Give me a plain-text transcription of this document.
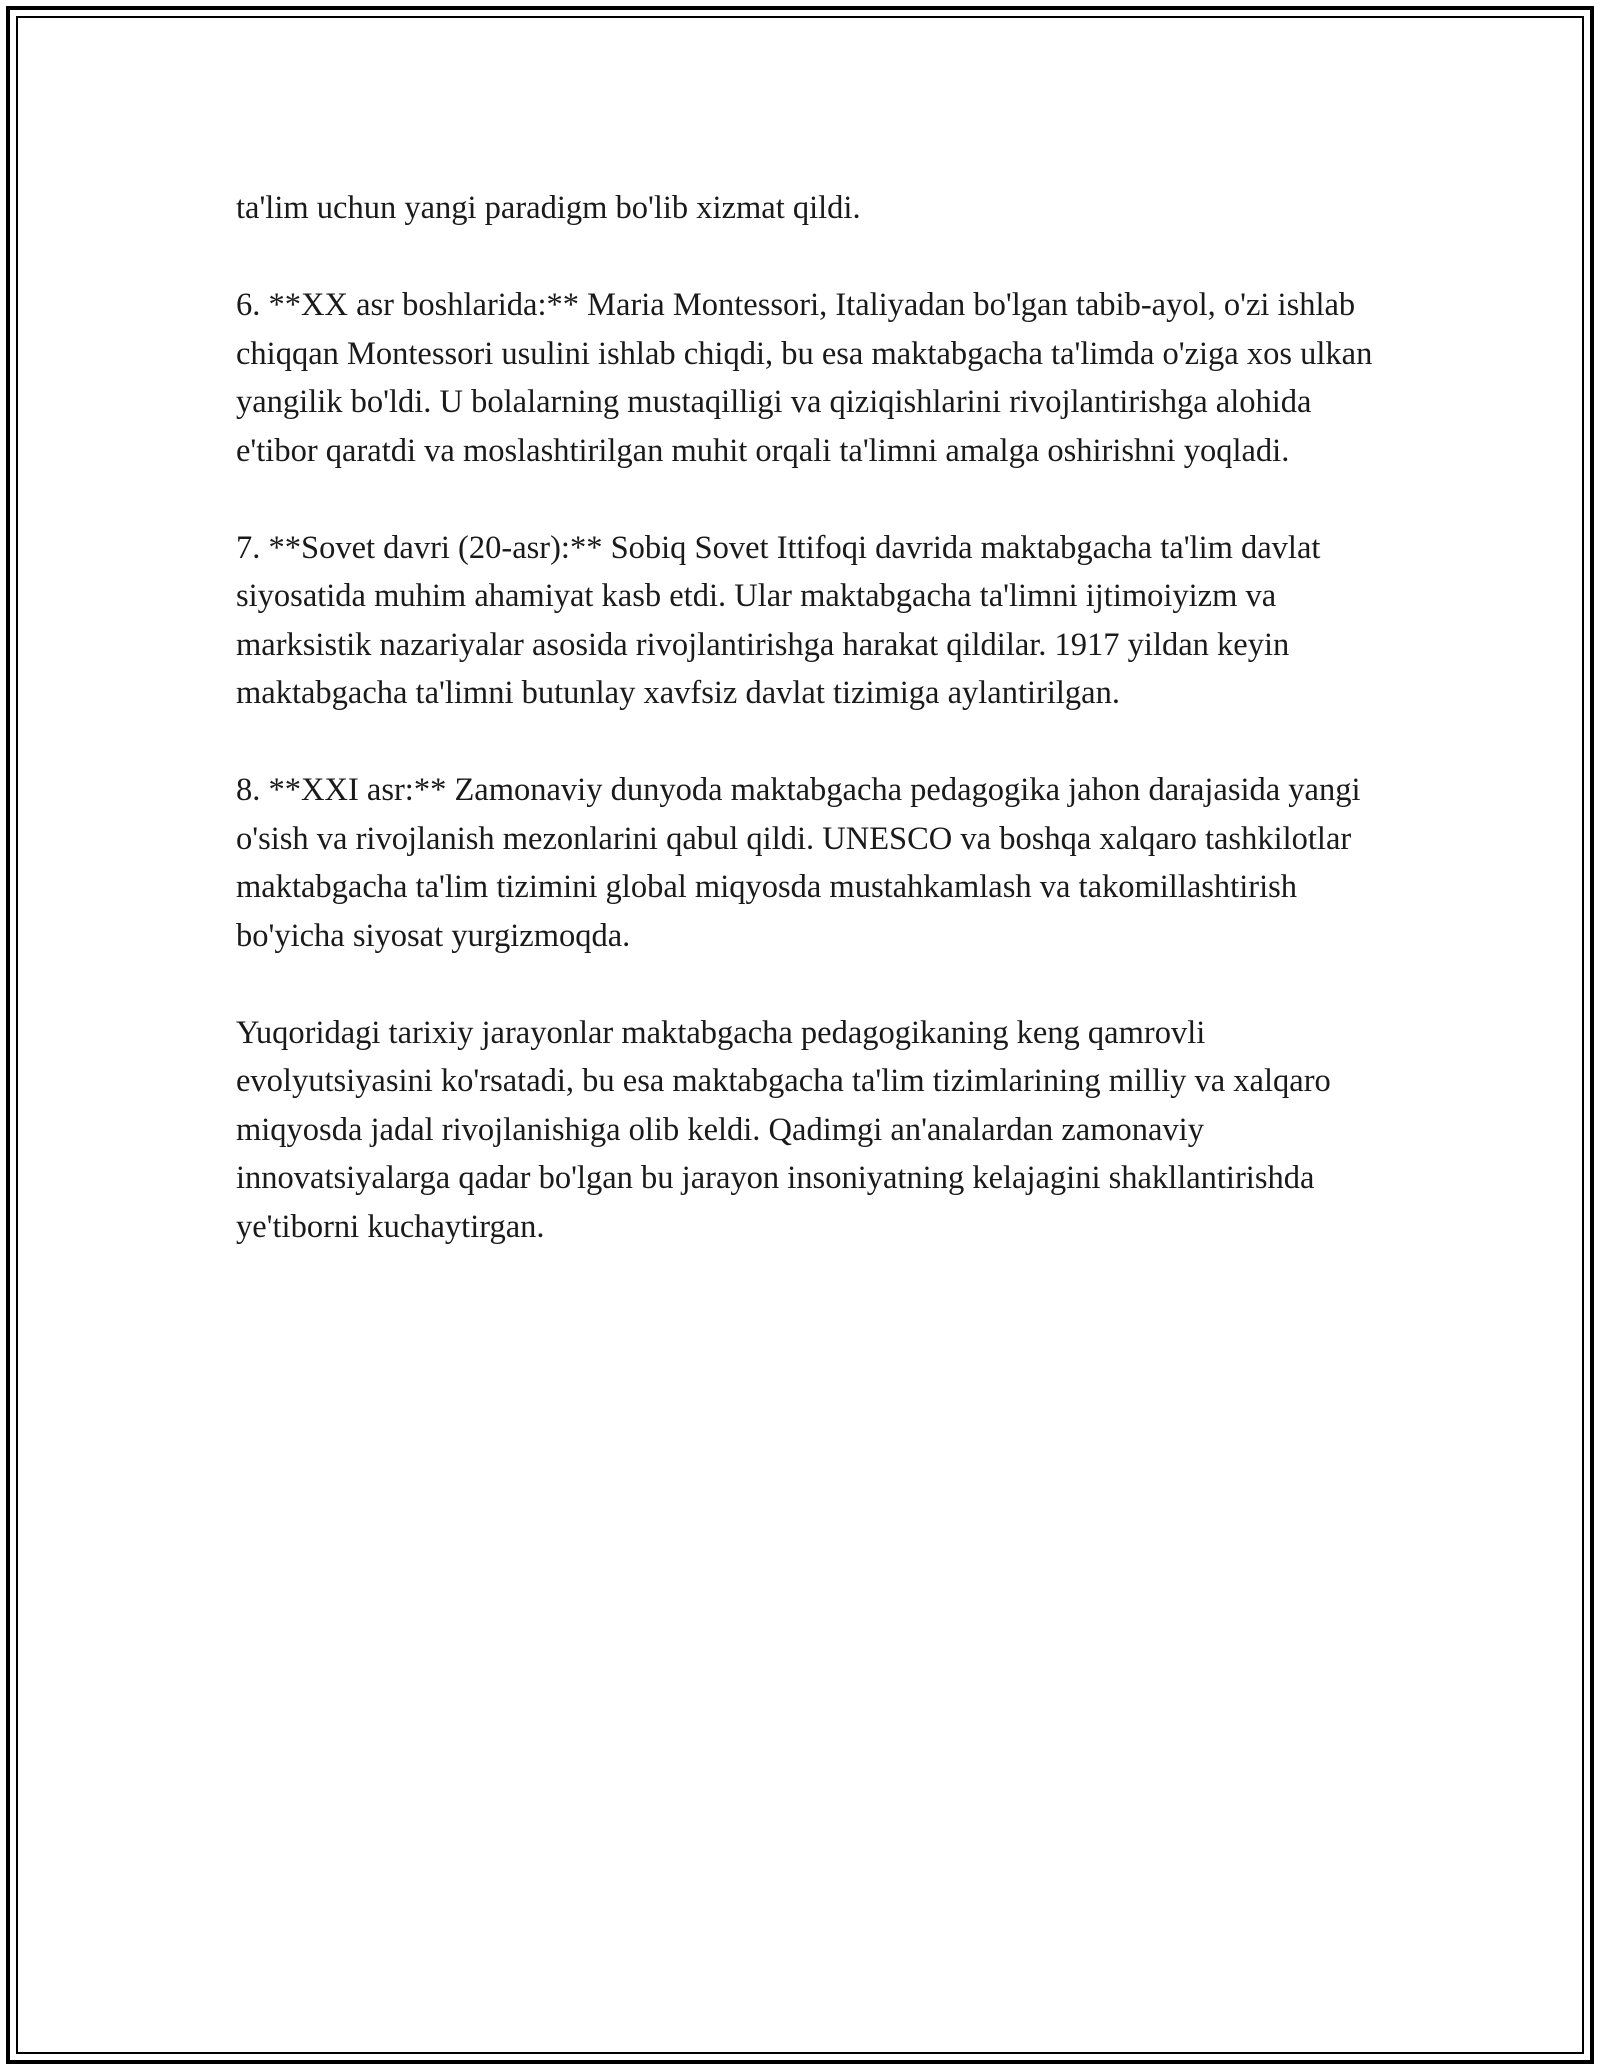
ta'lim uchun yangi paradigm bo'lib xizmat qildi.

6. **XX asr boshlarida:** Maria Montessori, Italiyadan bo'lgan tabib-ayol, o'zi ishlab chiqqan Montessori usulini ishlab chiqdi, bu esa maktabgacha ta'limda o'ziga xos ulkan yangilik bo'ldi. U bolalarning mustaqilligi va qiziqishlarini rivojlantirishga alohida e'tibor qaratdi va moslashtirilgan muhit orqali ta'limni amalga oshirishni yoqladi.

7. **Sovet davri (20-asr):** Sobiq Sovet Ittifoqi davrida maktabgacha ta'lim davlat siyosatida muhim ahamiyat kasb etdi. Ular maktabgacha ta'limni ijtimoiyizm va marksistik nazariyalar asosida rivojlantirishga harakat qildilar. 1917 yildan keyin maktabgacha ta'limni butunlay xavfsiz davlat tizimiga aylantirilgan.

8. **XXI asr:** Zamonaviy dunyoda maktabgacha pedagogika jahon darajasida yangi o'sish va rivojlanish mezonlarini qabul qildi. UNESCO va boshqa xalqaro tashkilotlar maktabgacha ta'lim tizimini global miqyosda mustahkamlash va takomillashtirish bo'yicha siyosat yurgizmoqda.

Yuqoridagi tarixiy jarayonlar maktabgacha pedagogikaning keng qamrovli evolyutsiyasini ko'rsatadi, bu esa maktabgacha ta'lim tizimlarining milliy va xalqaro miqyosda jadal rivojlanishiga olib keldi. Qadimgi an'analardan zamonaviy innovatsiyalarga qadar bo'lgan bu jarayon insoniyatning kelajagini shakllantirishda ye'tiborni kuchaytirgan.
